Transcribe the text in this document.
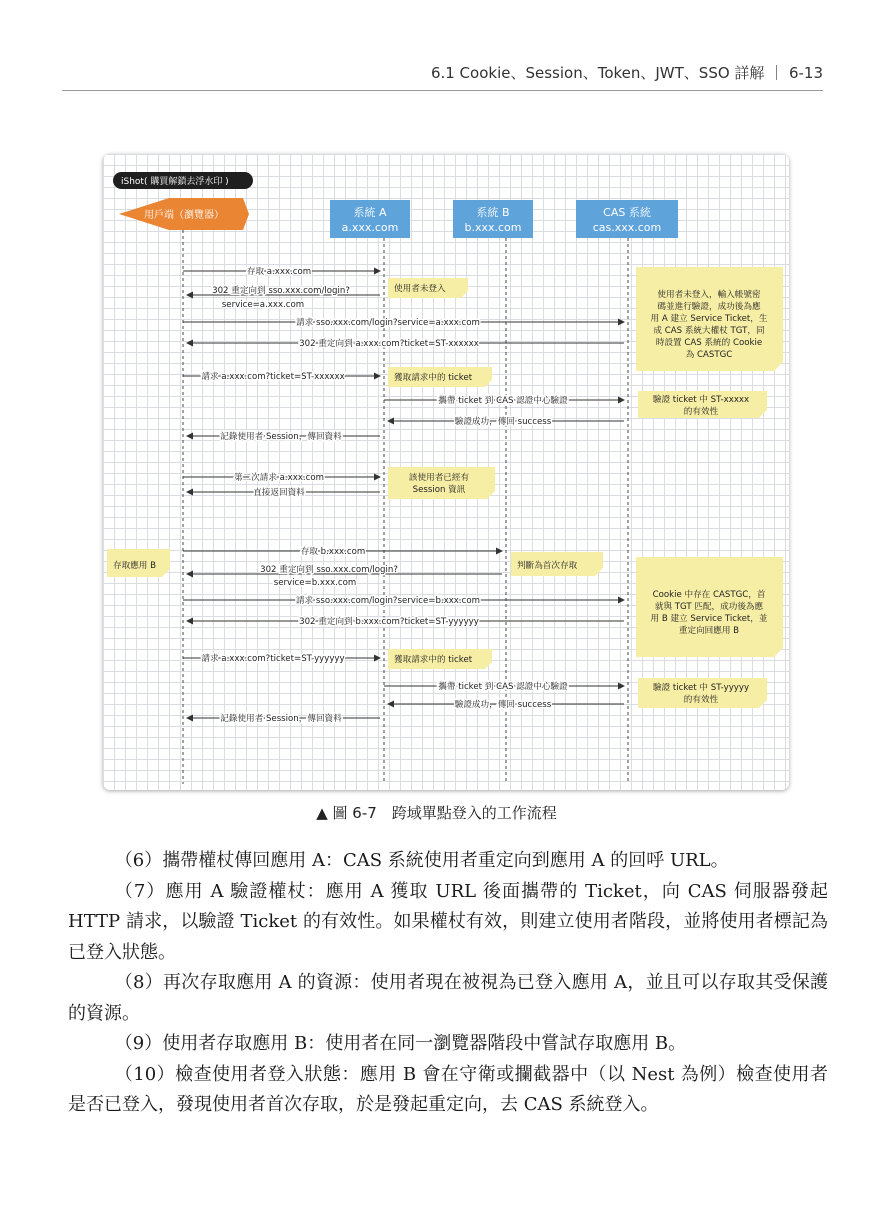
6.1 Cookie、Session、Token、JWT、SSO 詳解 ｜ 6-13
iShot( 購買解鎖去浮水印 )
用戶端（瀏覽器）	系統 A
a.xxx.com
系統 B
b.xxx.com
CAS 系統
cas.xxx.com
存取 a.xxx.com
302 重定向到 sso.xxx.com/login?
service=a.xxx.com
請求 sso.xxx.com/login?service=a.xxx.com
302 重定向到 a.xxx.com?ticket=ST-xxxxxx
請求 a.xxx.com?ticket=ST-xxxxxx
攜帶 ticket 到 CAS 認證中心驗證
驗證成功，傳回 success
記錄使用者 Session，傳回資料
第二次請求 a.xxx.com
直接返回資料
存取 b.xxx.com
302 重定向到 sso.xxx.com/login?
service=b.xxx.com
請求 sso.xxx.com/login?service=b.xxx.com
302 重定向到 b.xxx.com?ticket=ST-yyyyyy
請求 a.xxx.com?ticket=ST-yyyyyy
攜帶 ticket 到 CAS 認證中心驗證
驗證成功，傳回 success
記錄使用者 Session，傳回資料
使用者未登入
使用者未登入，輸入帳號密
碼並進行驗證，成功後為應
用 A 建立 Service Ticket，生
成 CAS 系統大權杖 TGT，同
時設置 CAS 系統的 Cookie
為 CASTGC
獲取請求中的 ticket
驗證 ticket 中 ST-xxxxx
的有效性
該使用者已經有
Session 資訊
存取應用 B	判斷為首次存取
Cookie 中存在 CASTGC，首
就與 TGT 匹配，成功後為應
用 B 建立 Service Ticket，並
重定向回應用 B
獲取請求中的 ticket
驗證 ticket 中 ST-yyyyy
的有效性
▲ 圖 6-7　跨域單點登入的工作流程

（6）攜帶權杖傳回應用 A：CAS 系統使用者重定向到應用 A 的回呼 URL。

（7）應用 A 驗證權杖：應用 A 獲取 URL 後面攜帶的 Ticket，向 CAS 伺服器發起 HTTP 請求，以驗證 Ticket 的有效性。如果權杖有效，則建立使用者階段，並將使用者標記為已登入狀態。

（8）再次存取應用 A 的資源：使用者現在被視為已登入應用 A，並且可以存取其受保護的資源。

（9）使用者存取應用 B：使用者在同一瀏覽器階段中嘗試存取應用 B。

（10）檢查使用者登入狀態：應用 B 會在守衛或攔截器中（以 Nest 為例）檢查使用者是否已登入，發現使用者首次存取，於是發起重定向，去 CAS 系統登入。
